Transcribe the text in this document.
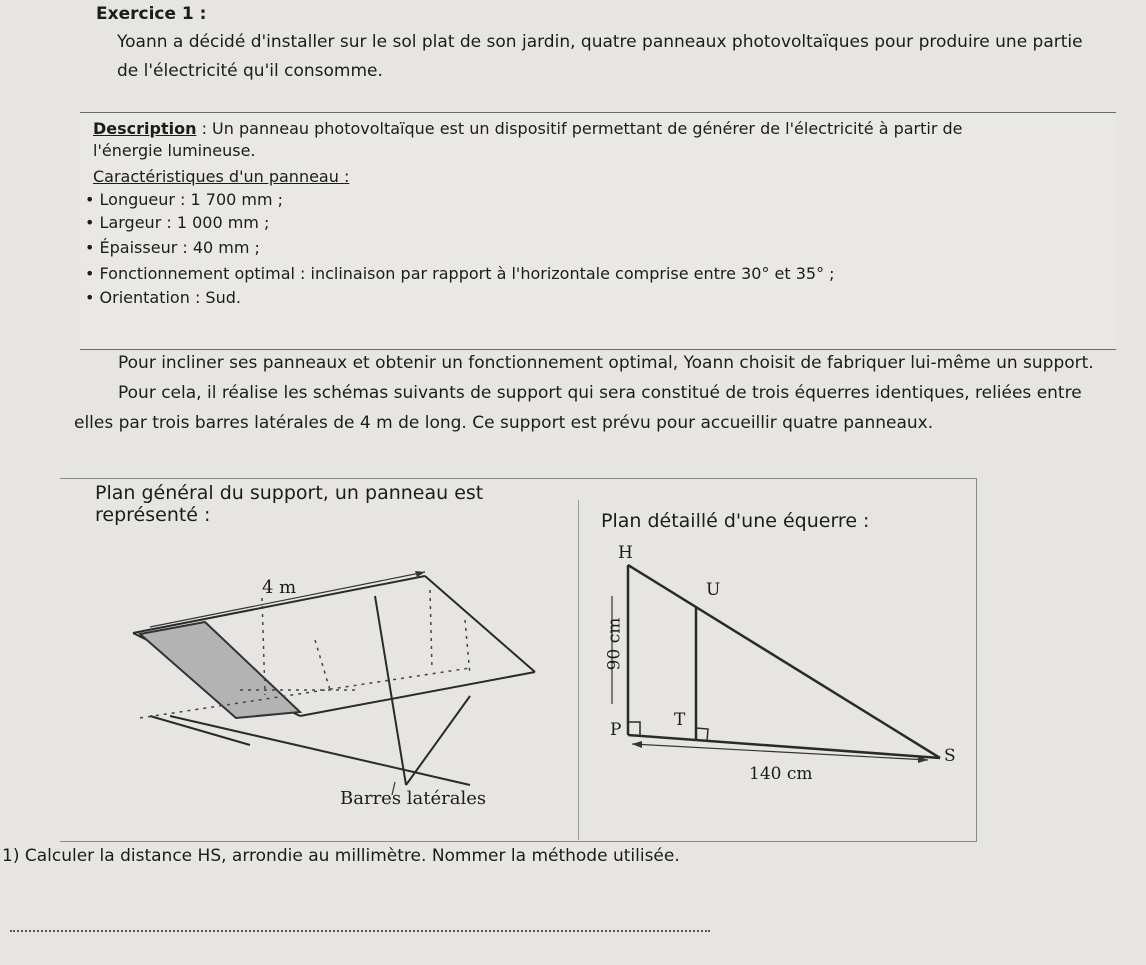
Exercice 1 :
Yoann a décidé d'installer sur le sol plat de son jardin, quatre panneaux photovoltaïques pour produire une partie
de l'électricité qu'il consomme.
Description : Un panneau photovoltaïque est un dispositif permettant de générer de l'électricité à partir de
l'énergie lumineuse.
Caractéristiques d'un panneau :
• Longueur : 1 700 mm ;
• Largeur : 1 000 mm ;
• Épaisseur : 40 mm ;
• Fonctionnement optimal : inclinaison par rapport à l'horizontale comprise entre 30° et 35° ;
• Orientation : Sud.
Pour incliner ses panneaux et obtenir un fonctionnement optimal, Yoann choisit de fabriquer lui-même un support.
Pour cela, il réalise les schémas suivants de support qui sera constitué de trois équerres identiques, reliées entre
elles par trois barres latérales de 4 m de long. Ce support est prévu pour accueillir quatre panneaux.
Plan général du support, un panneau est
représenté :	Plan détaillé d'une équerre :
4 m
Barres latérales
H
U
P	T
S
90 cm
140 cm
1) Calculer la distance HS, arrondie au millimètre. Nommer la méthode utilisée.
